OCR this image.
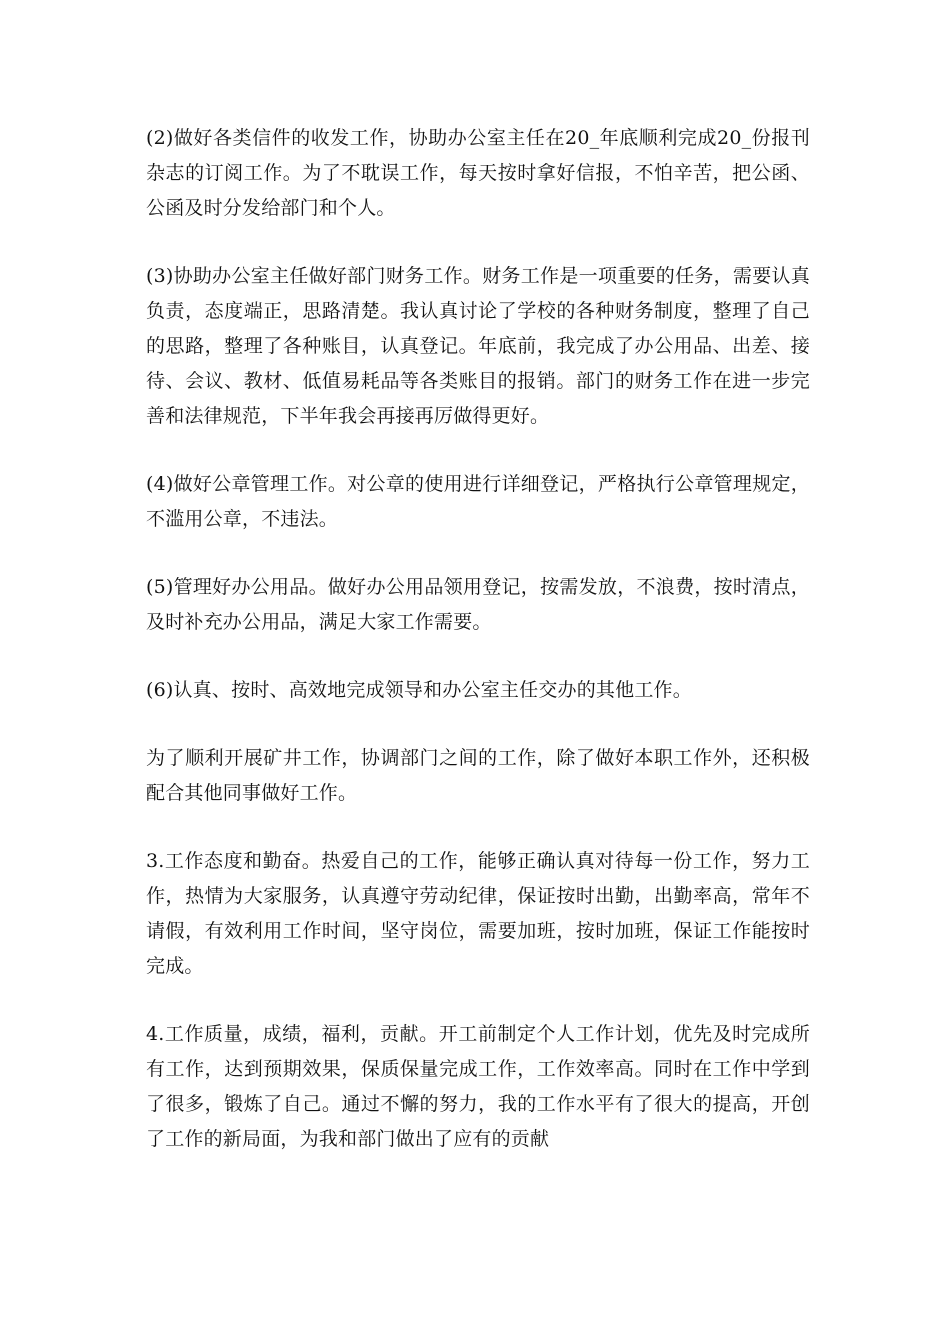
(2)做好各类信件的收发工作，协助办公室主任在20_年底顺利完成20_份报刊杂志的订阅工作。为了不耽误工作，每天按时拿好信报，不怕辛苦，把公函、公函及时分发给部门和个人。

(3)协助办公室主任做好部门财务工作。财务工作是一项重要的任务，需要认真负责，态度端正，思路清楚。我认真讨论了学校的各种财务制度，整理了自己的思路，整理了各种账目，认真登记。年底前，我完成了办公用品、出差、接待、会议、教材、低值易耗品等各类账目的报销。部门的财务工作在进一步完善和法律规范，下半年我会再接再厉做得更好。

(4)做好公章管理工作。对公章的使用进行详细登记，严格执行公章管理规定，不滥用公章，不违法。

(5)管理好办公用品。做好办公用品领用登记，按需发放，不浪费，按时清点，及时补充办公用品，满足大家工作需要。

(6)认真、按时、高效地完成领导和办公室主任交办的其他工作。

为了顺利开展矿井工作，协调部门之间的工作，除了做好本职工作外，还积极配合其他同事做好工作。

3.工作态度和勤奋。热爱自己的工作，能够正确认真对待每一份工作，努力工作，热情为大家服务，认真遵守劳动纪律，保证按时出勤，出勤率高，常年不请假，有效利用工作时间，坚守岗位，需要加班，按时加班，保证工作能按时完成。

4.工作质量，成绩，福利，贡献。开工前制定个人工作计划，优先及时完成所有工作，达到预期效果，保质保量完成工作，工作效率高。同时在工作中学到了很多，锻炼了自己。通过不懈的努力，我的工作水平有了很大的提高，开创了工作的新局面，为我和部门做出了应有的贡献
